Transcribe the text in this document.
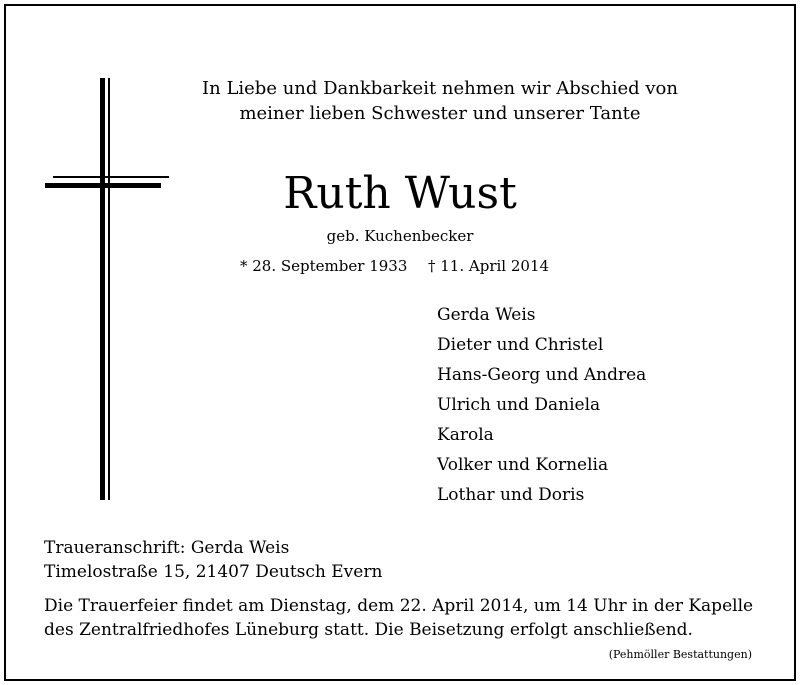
In Liebe und Dankbarkeit nehmen wir Abschied von
meiner lieben Schwester und unserer Tante
Ruth Wust
geb. Kuchenbecker
* 28. September 1933 † 11. April 2014
Gerda Weis
Dieter und Christel
Hans-Georg und Andrea
Ulrich und Daniela
Karola
Volker und Kornelia
Lothar und Doris
Traueranschrift: Gerda Weis
Timelostraße 15, 21407 Deutsch Evern
Die Trauerfeier findet am Dienstag, dem 22. April 2014, um 14 Uhr in der Kapelle
des Zentralfriedhofes Lüneburg statt. Die Beisetzung erfolgt anschließend.
(Pehmöller Bestattungen)
